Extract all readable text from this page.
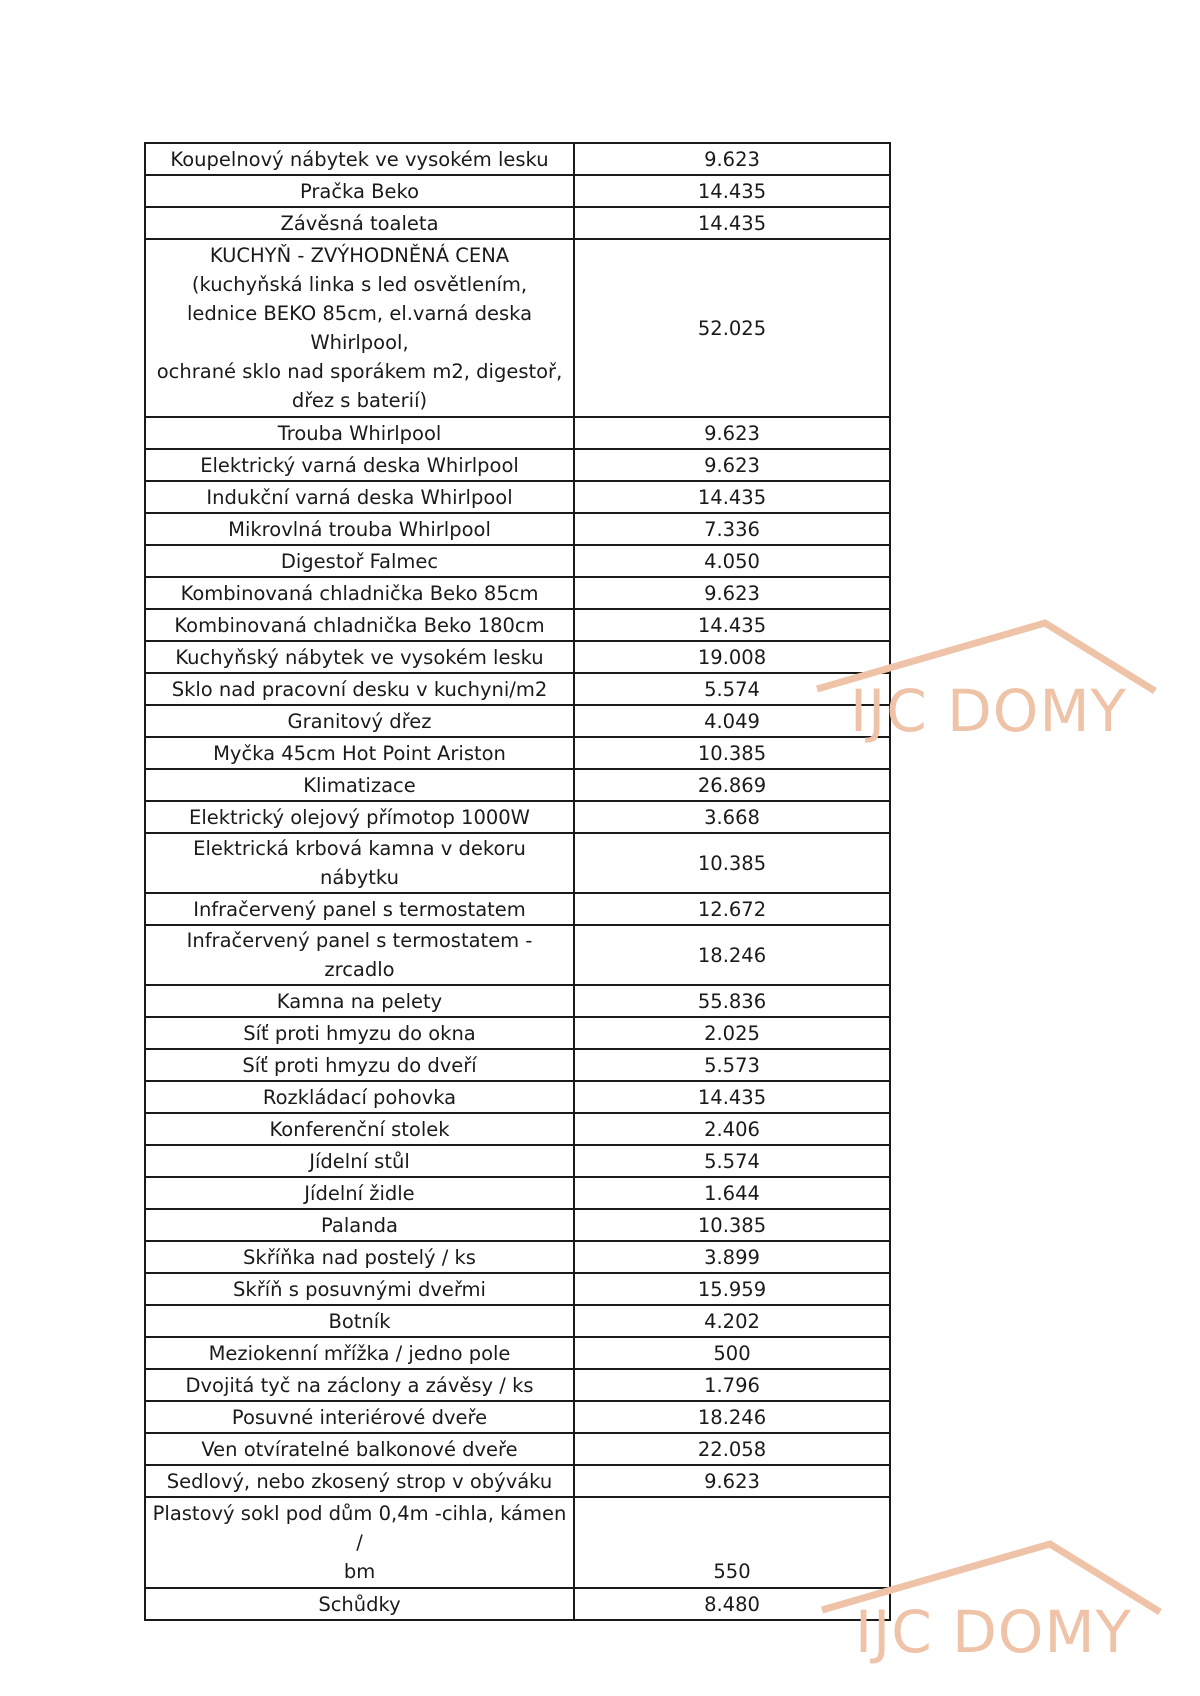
Koupelnový nábytek ve vysokém lesku	9.623
Pračka Beko	14.435
Závěsná toaleta	14.435
KUCHYŇ - ZVÝHODNĚNÁ CENA
(kuchyňská linka s led osvětlením,
lednice BEKO 85cm, el.varná deska Whirlpool,
ochrané sklo nad sporákem m2, digestoř,
dřez s baterií)	52.025
Trouba Whirlpool	9.623
Elektrický varná deska Whirlpool	9.623
Indukční varná deska Whirlpool	14.435
Mikrovlná trouba Whirlpool	7.336
Digestoř Falmec	4.050
Kombinovaná chladnička Beko 85cm	9.623
Kombinovaná chladnička Beko 180cm	14.435
Kuchyňský nábytek ve vysokém lesku	19.008
Sklo nad pracovní desku v kuchyni/m2	5.574
Granitový dřez	4.049
Myčka 45cm Hot Point Ariston	10.385
Klimatizace	26.869
Elektrický olejový přímotop 1000W	3.668
Elektrická krbová kamna v dekoru nábytku	10.385
Infračervený panel s termostatem	12.672
Infračervený panel s termostatem - zrcadlo	18.246
Kamna na pelety	55.836
Síť proti hmyzu do okna	2.025
Síť proti hmyzu do dveří	5.573
Rozkládací pohovka	14.435
Konferenční stolek	2.406
Jídelní stůl	5.574
Jídelní židle	1.644
Palanda	10.385
Skříňka nad postelý / ks	3.899
Skříň s posuvnými dveřmi	15.959
Botník	4.202
Meziokenní mřížka / jedno pole	500
Dvojitá tyč na záclony a závěsy / ks	1.796
Posuvné interiérové dveře	18.246
Ven otvíratelné balkonové dveře	22.058
Sedlový, nebo zkosený strop v obýváku	9.623
Plastový sokl pod dům 0,4m -cihla, kámen /
bm	550
Schůdky	8.480
IJC DOMY
IJC DOMY
